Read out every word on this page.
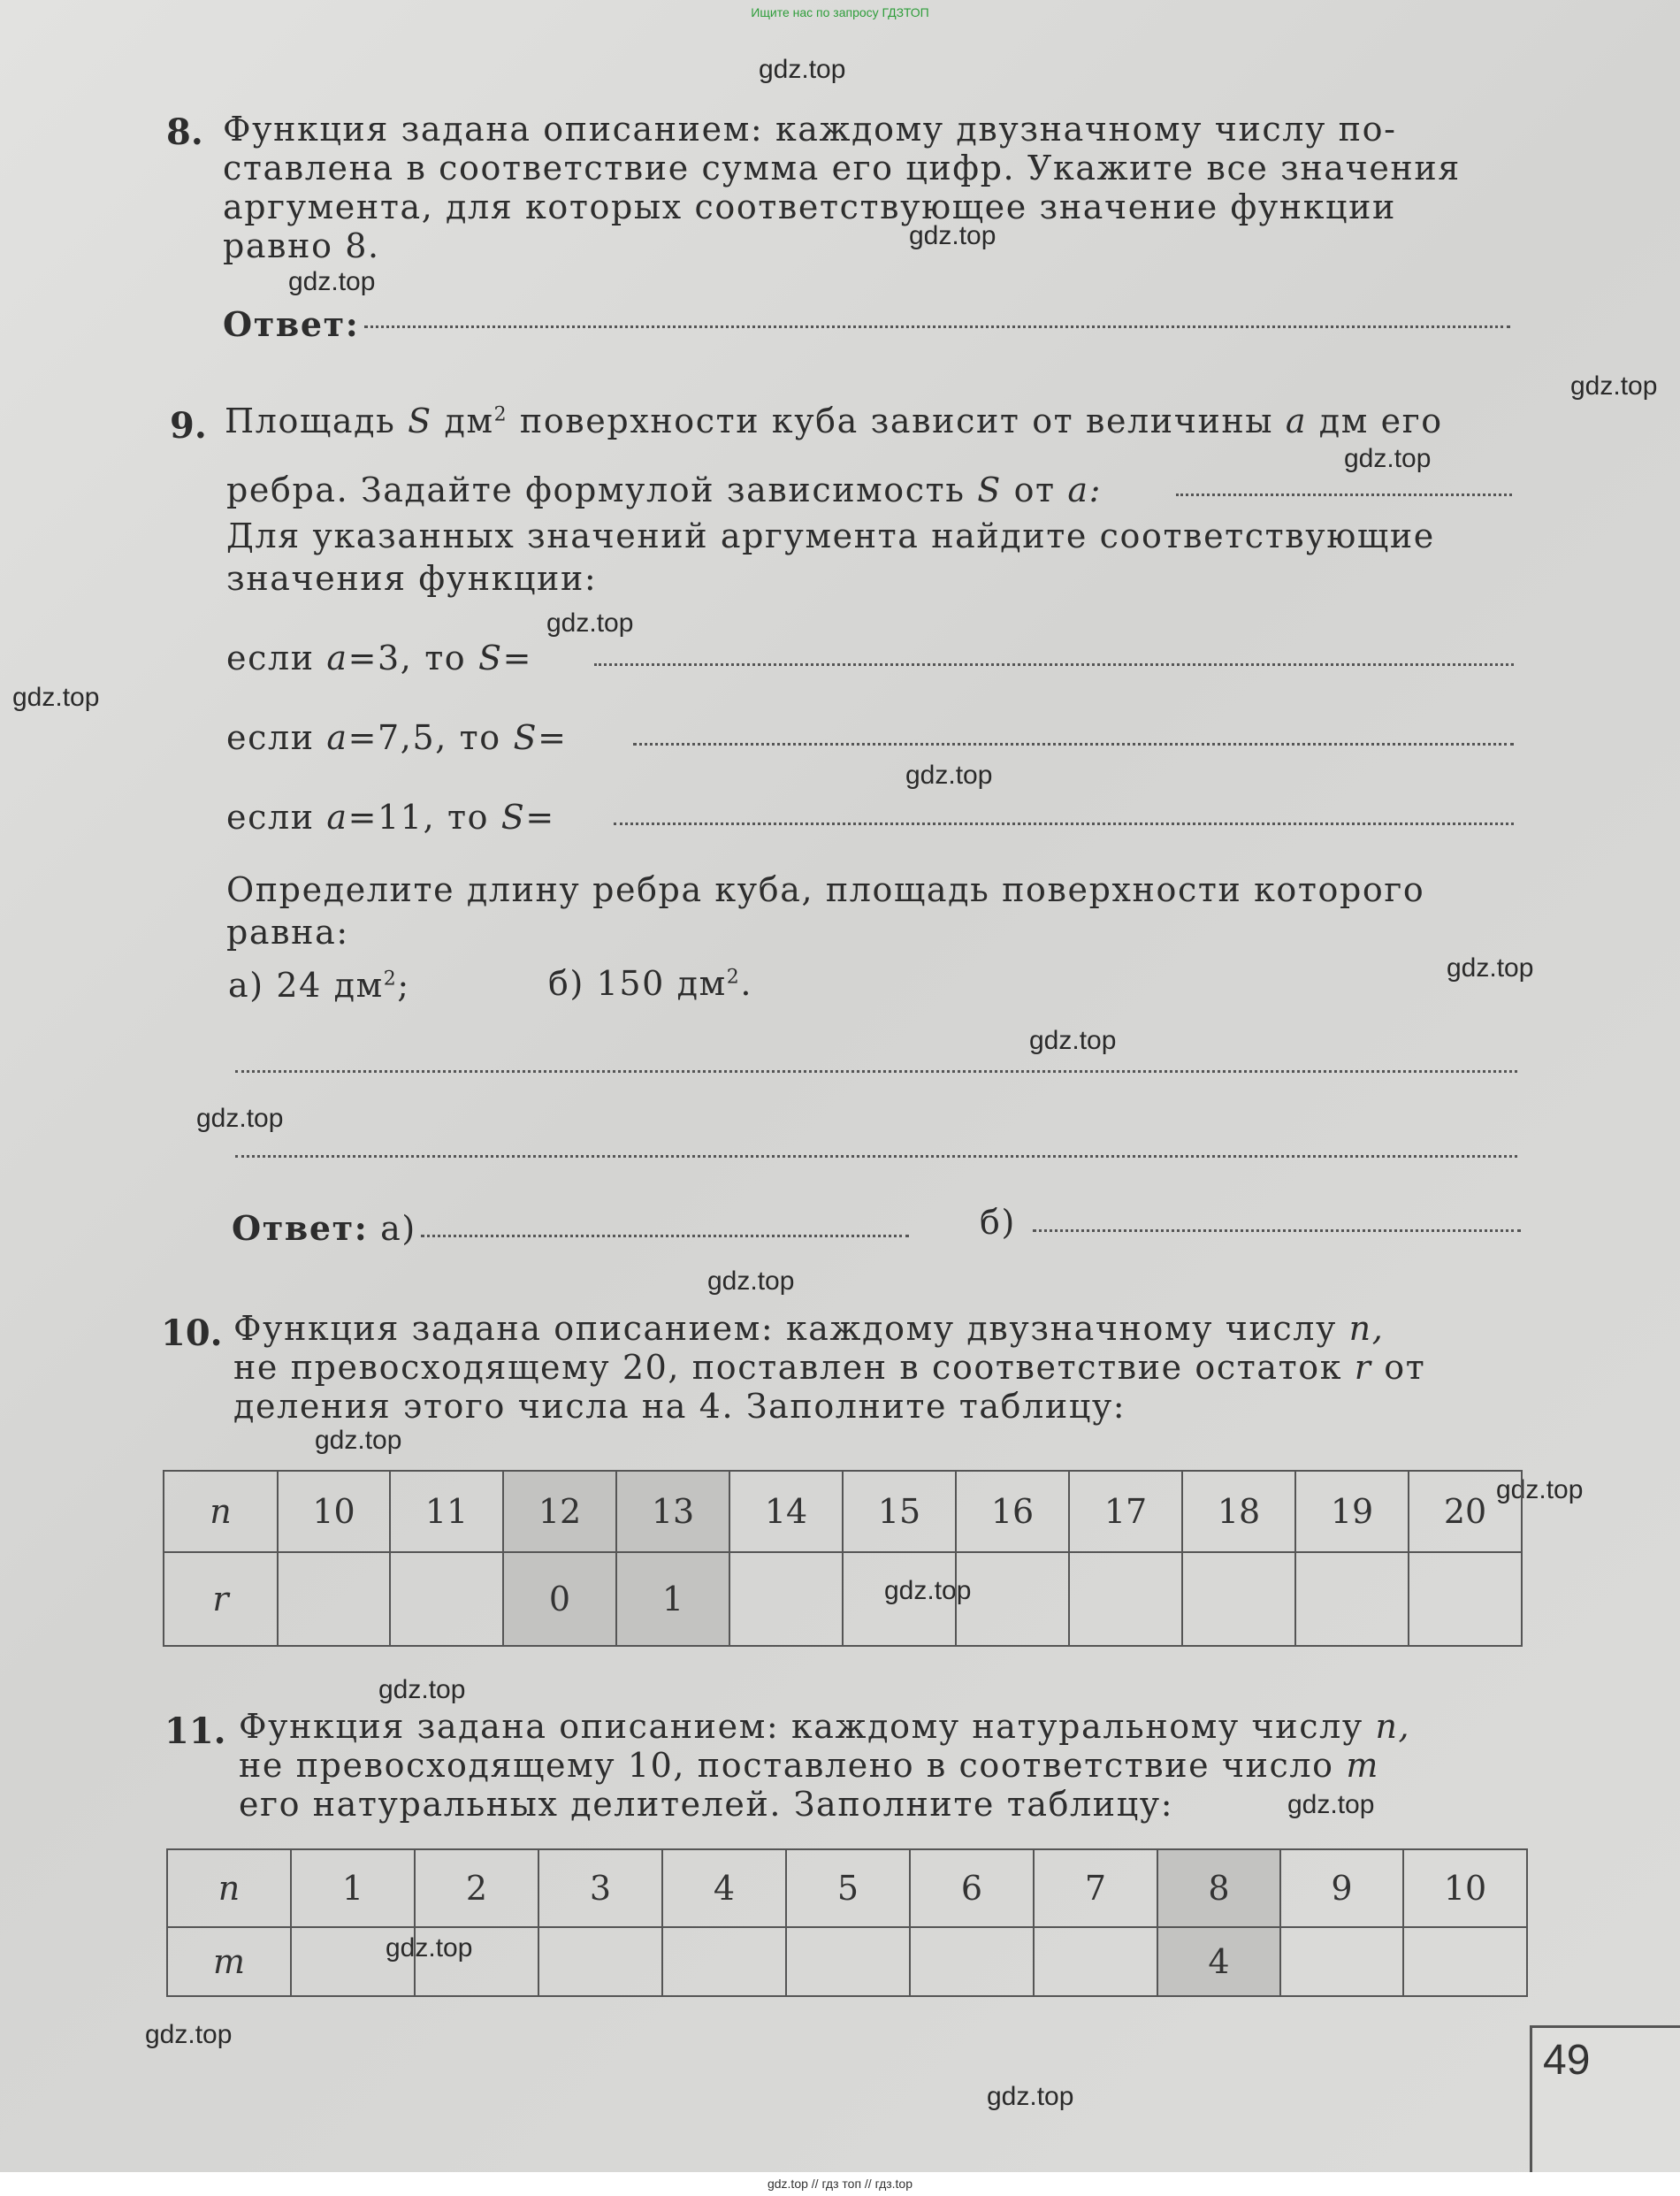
Ищите нас по запросу ГДЗТОП
gdz.top
gdz.top
gdz.top
gdz.top
gdz.top
gdz.top
gdz.top
gdz.top
gdz.top
gdz.top
gdz.top
gdz.top
gdz.top
gdz.top
gdz.top
gdz.top
gdz.top
gdz.top
gdz.top
gdz.top
8. Функция задана описанием: каждому двузначному числу по-
ставлена в соответствие сумма его цифр. Укажите все значения
аргумента, для которых соответствующее значение функции
равно 8.
Ответ:
9. Площадь S $дм^2$ поверхности куба зависит от величины a дм его
ребра. Задайте формулой зависимость S от a:
Для указанных значений аргумента найдите соответствующие
значения функции:
если a=3, то S=
если a=7,5, то S=
если a=11, то S=
Определите длину ребра куба, площадь поверхности которого
равна:
а) 24 $дм^2$;	б) 150 $дм^2$.
Ответ: а)	б)
10. Функция задана описанием: каждому двузначному числу n,
не превосходящему 20, поставлен в соответствие остаток r от
деления этого числа на 4. Заполните таблицу:
n	10	11	12	13	14	15	16	17	18	19	20
r			0	1							
11. Функция задана описанием: каждому натуральному числу n,
не превосходящему 10, поставлено в соответствие число m
его натуральных делителей. Заполните таблицу:
n	1	2	3	4	5	6	7	8	9	10
m								4		
49
gdz.top // гдз топ // гдз.top
